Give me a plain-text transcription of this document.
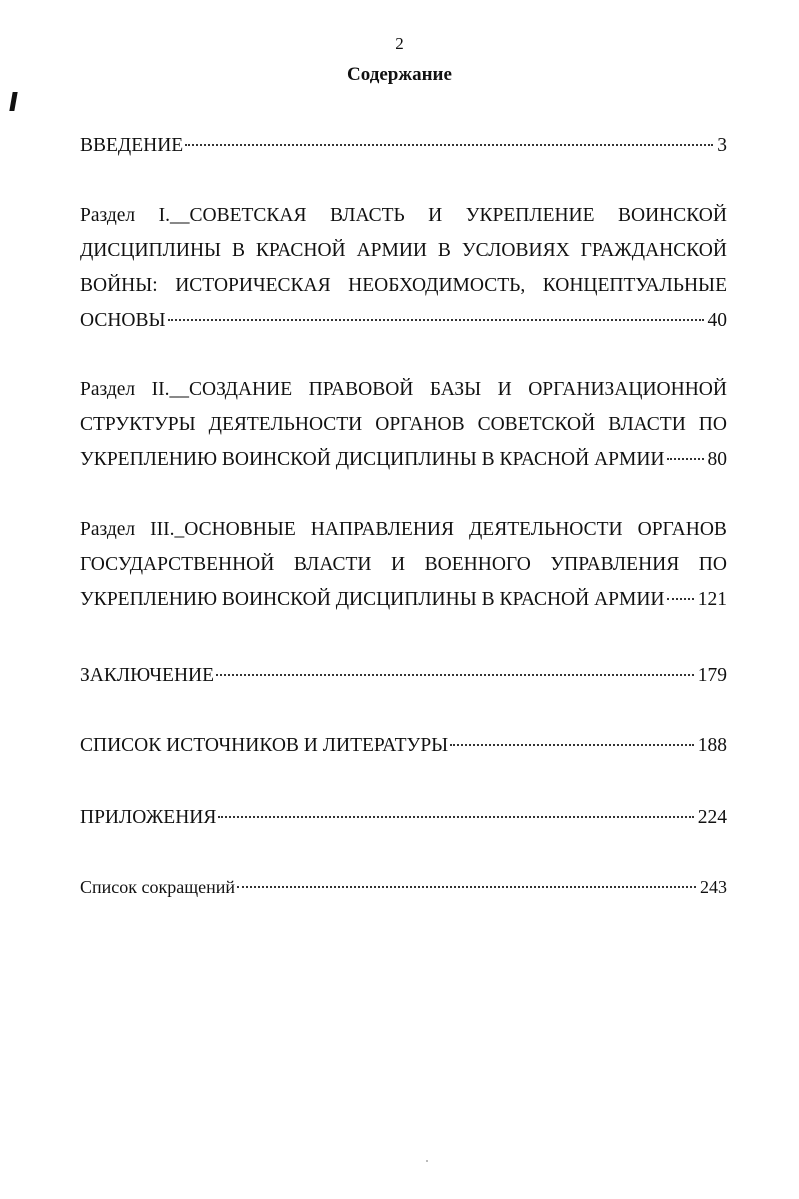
2
Содержание
ВВЕДЕНИЕ	3
Раздел I.__СОВЕТСКАЯ ВЛАСТЬ И УКРЕПЛЕНИЕ ВОИНСКОЙ
ДИСЦИПЛИНЫ В КРАСНОЙ АРМИИ В УСЛОВИЯХ ГРАЖДАНСКОЙ
ВОЙНЫ: ИСТОРИЧЕСКАЯ НЕОБХОДИМОСТЬ, КОНЦЕПТУАЛЬНЫЕ
ОСНОВЫ	40
Раздел II.__СОЗДАНИЕ ПРАВОВОЙ БАЗЫ И ОРГАНИЗАЦИОННОЙ
СТРУКТУРЫ ДЕЯТЕЛЬНОСТИ ОРГАНОВ СОВЕТСКОЙ ВЛАСТИ ПО
УКРЕПЛЕНИЮ ВОИНСКОЙ ДИСЦИПЛИНЫ В КРАСНОЙ АРМИИ 80
Раздел III._ОСНОВНЫЕ НАПРАВЛЕНИЯ ДЕЯТЕЛЬНОСТИ ОРГАНОВ
ГОСУДАРСТВЕННОЙ ВЛАСТИ И ВОЕННОГО УПРАВЛЕНИЯ ПО
УКРЕПЛЕНИЮ ВОИНСКОЙ ДИСЦИПЛИНЫ В КРАСНОЙ АРМИИ 121
ЗАКЛЮЧЕНИЕ	179
СПИСОК ИСТОЧНИКОВ И ЛИТЕРАТУРЫ	188
ПРИЛОЖЕНИЯ	224
Список сокращений	243
